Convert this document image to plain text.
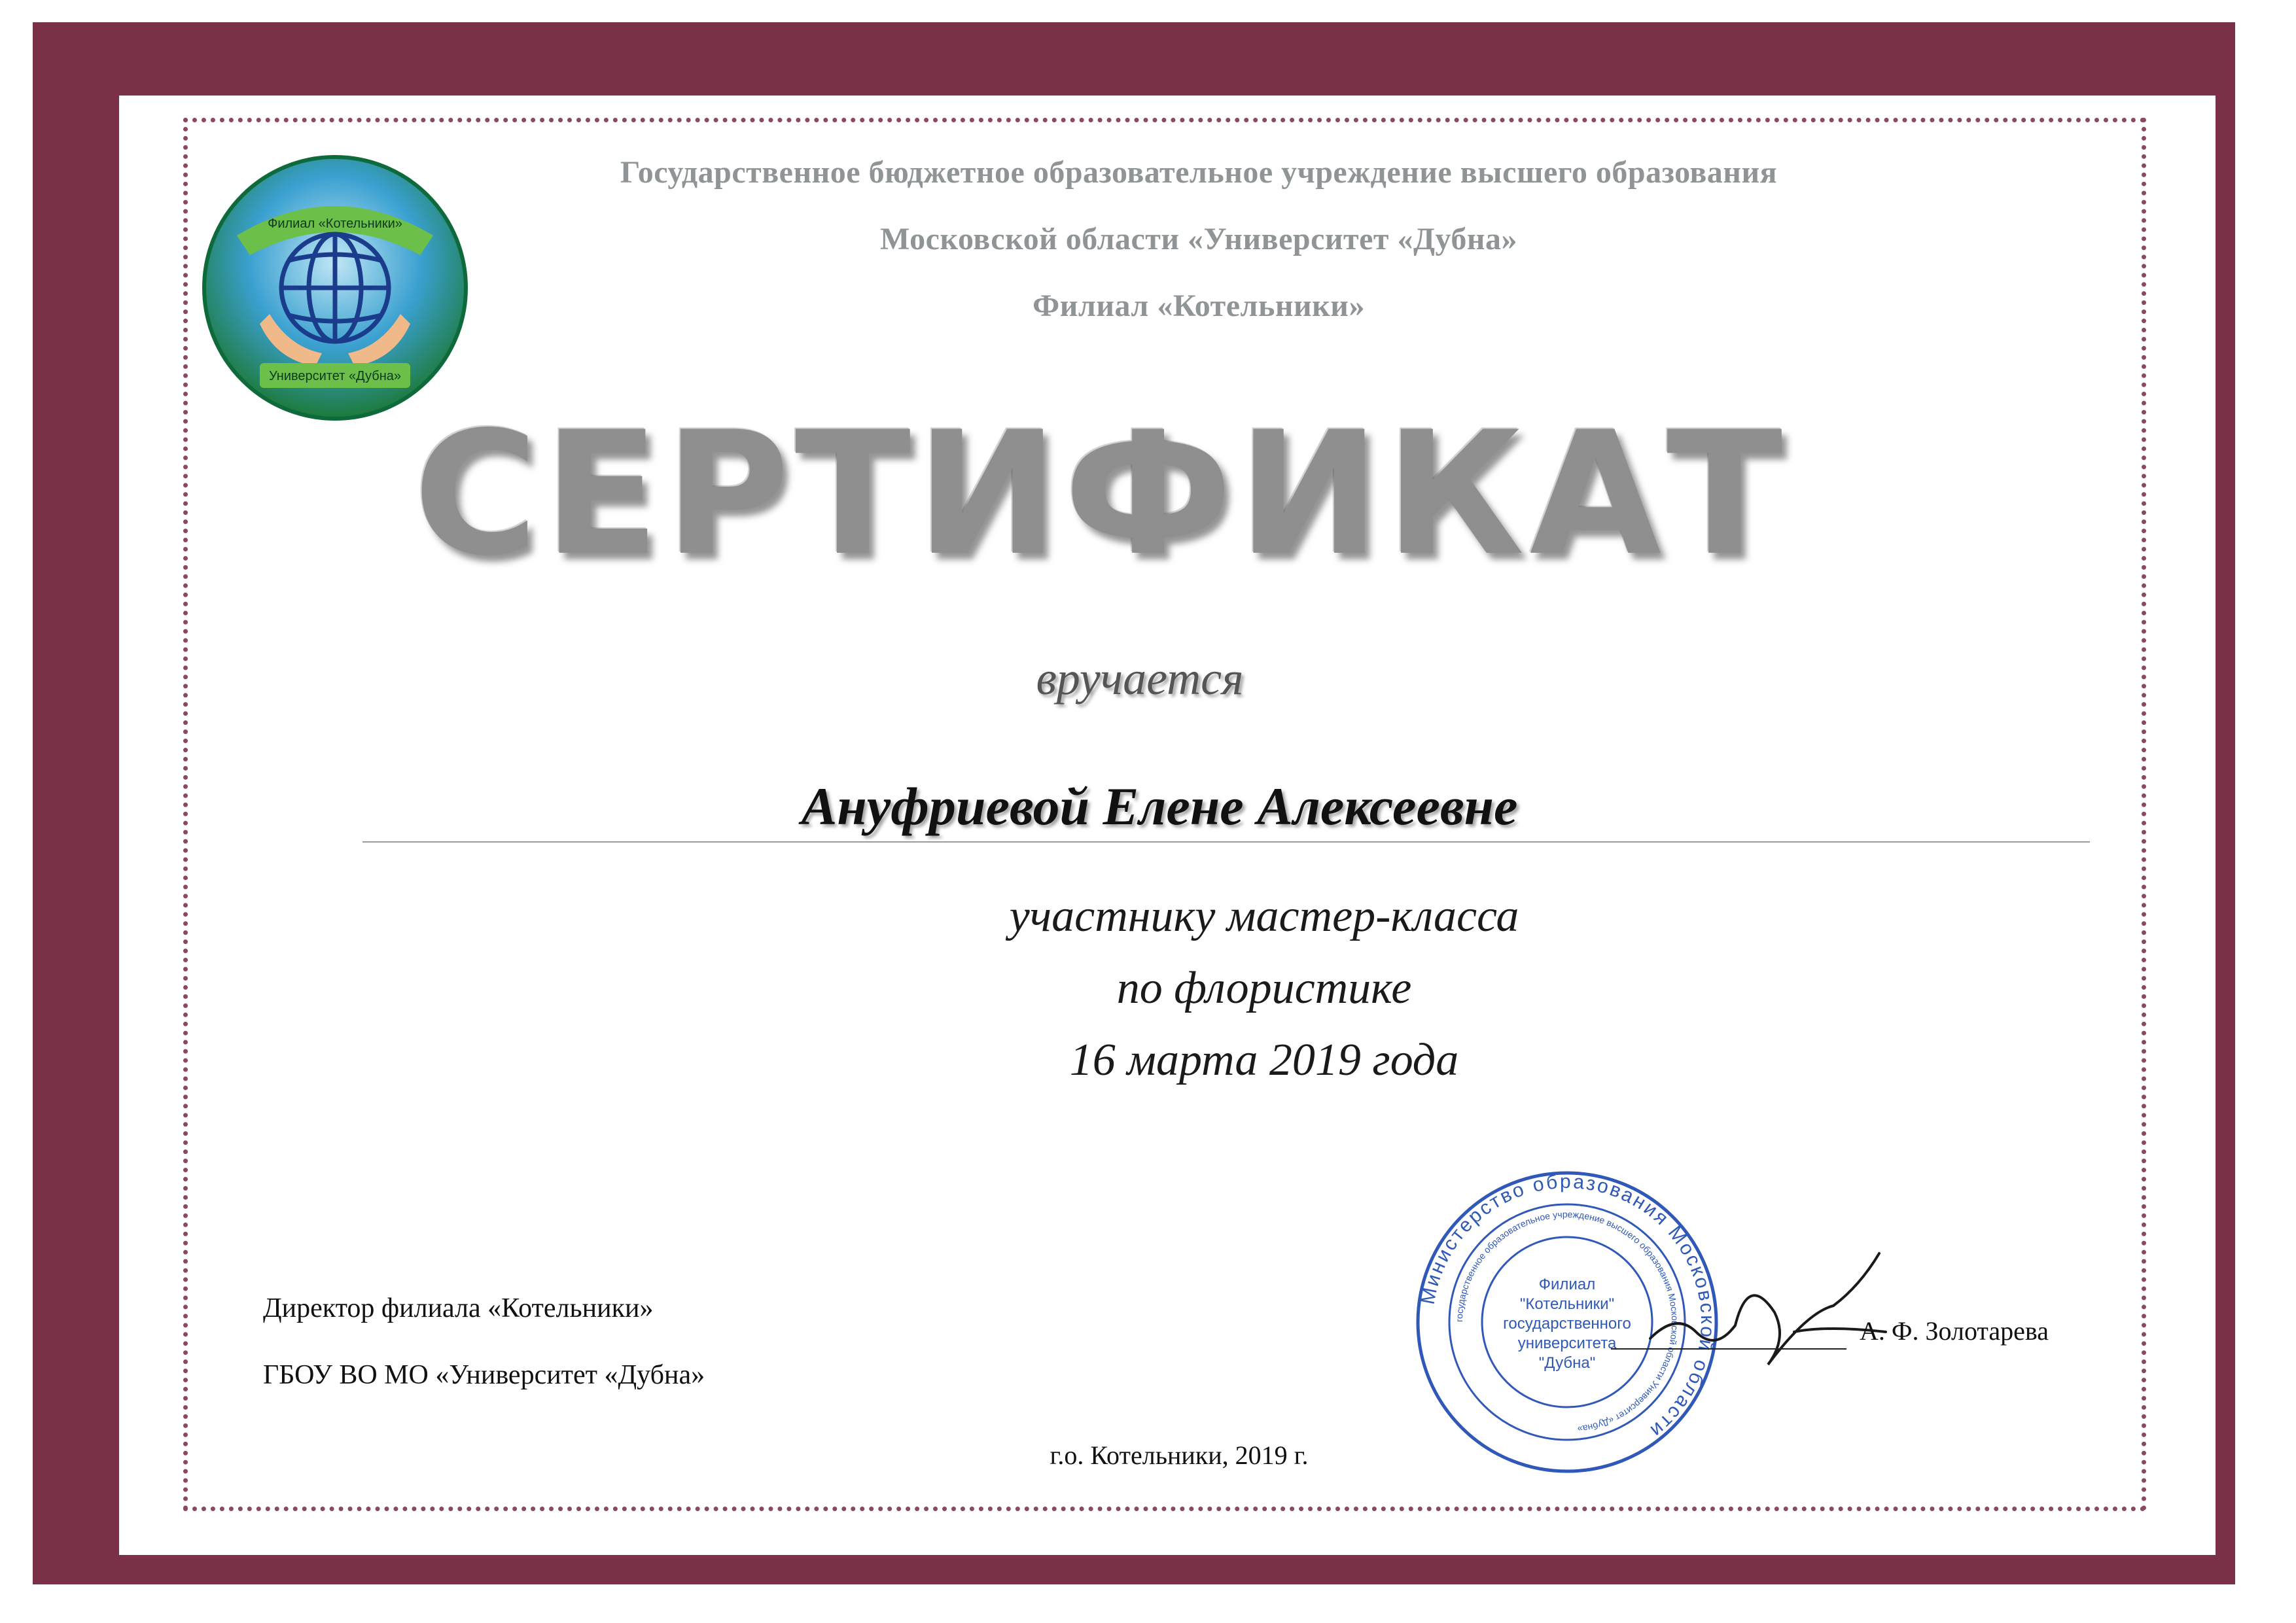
Университет «Дубна»
Филиал «Котельники»
Государственное бюджетное образовательное учреждение высшего образования
Московской области «Университет «Дубна»
Филиал «Котельники»
СЕРТИФИКАТ
вручается
Ануфриевой Елене Алексеевне
участнику мастер-класса
по флористике
16 марта 2019 года
Директор филиала «Котельники»
ГБОУ ВО МО «Университет «Дубна»
г.о. Котельники, 2019 г.
Министерство образования Московской области
государственное образовательное учреждение высшего образования Московской области Университет «Дубна»
Филиал
"Котельники"
государственного
университета
"Дубна"
А. Ф. Золотарева
